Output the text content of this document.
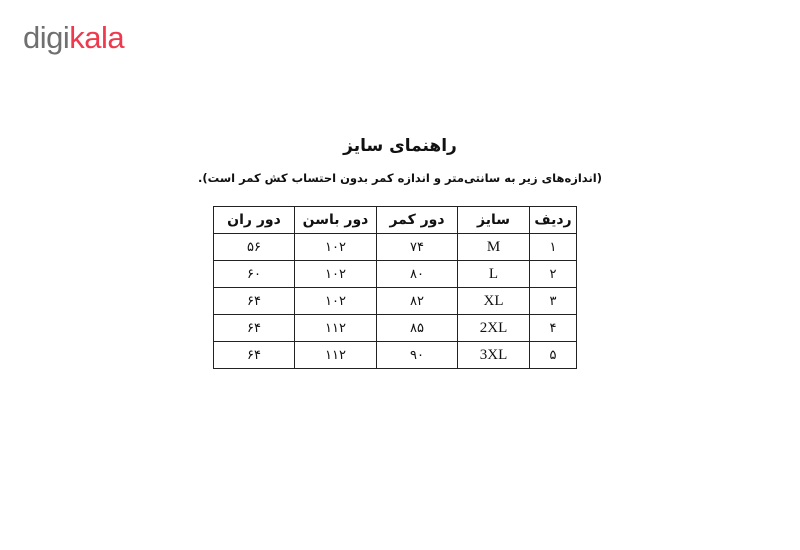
digikala
راهنمای سایز
(اندازه‌های زیر به سانتی‌متر و اندازه کمر بدون احتساب کش کمر است).
ردیف	سایز	دور کمر	دور باسن	دور ران
۱	M	۷۴	۱۰۲	۵۶
۲	L	۸۰	۱۰۲	۶۰
۳	XL	۸۲	۱۰۲	۶۴
۴	2XL	۸۵	۱۱۲	۶۴
۵	3XL	۹۰	۱۱۲	۶۴
